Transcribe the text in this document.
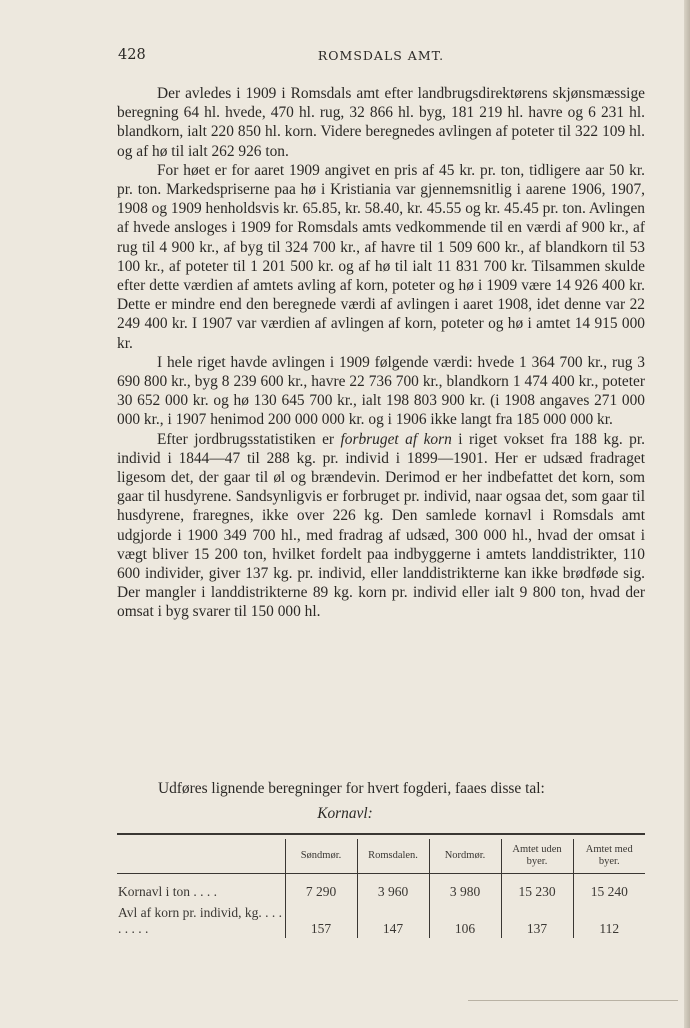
428	ROMSDALS AMT.

Der avledes i 1909 i Romsdals amt efter landbrugsdirektørens skjønsmæssige beregning 64 hl. hvede, 470 hl. rug, 32 866 hl. byg, 181 219 hl. havre og 6 231 hl. blandkorn, ialt 220 850 hl. korn. Videre beregnedes avlingen af poteter til 322 109 hl. og af hø til ialt 262 926 ton.

For høet er for aaret 1909 angivet en pris af 45 kr. pr. ton, tidligere aar 50 kr. pr. ton. Markedspriserne paa hø i Kristiania var gjennemsnitlig i aarene 1906, 1907, 1908 og 1909 henholdsvis kr. 65.85, kr. 58.40, kr. 45.55 og kr. 45.45 pr. ton. Avlingen af hvede ansloges i 1909 for Romsdals amts vedkommende til en værdi af 900 kr., af rug til 4 900 kr., af byg til 324 700 kr., af havre til 1 509 600 kr., af blandkorn til 53 100 kr., af poteter til 1 201 500 kr. og af hø til ialt 11 831 700 kr. Tilsammen skulde efter dette værdien af amtets avling af korn, poteter og hø i 1909 være 14 926 400 kr. Dette er mindre end den beregnede værdi af avlingen i aaret 1908, idet denne var 22 249 400 kr. I 1907 var værdien af avlingen af korn, poteter og hø i amtet 14 915 000 kr.

I hele riget havde avlingen i 1909 følgende værdi: hvede 1 364 700 kr., rug 3 690 800 kr., byg 8 239 600 kr., havre 22 736 700 kr., blandkorn 1 474 400 kr., poteter 30 652 000 kr. og hø 130 645 700 kr., ialt 198 803 900 kr. (i 1908 angaves 271 000 000 kr., i 1907 henimod 200 000 000 kr. og i 1906 ikke langt fra 185 000 000 kr.

Efter jordbrugsstatistiken er forbruget af korn i riget vokset fra 188 kg. pr. individ i 1844—47 til 288 kg. pr. individ i 1899—1901. Her er udsæd fradraget ligesom det, der gaar til øl og brændevin. Derimod er her indbefattet det korn, som gaar til husdyrene. Sandsynligvis er forbruget pr. individ, naar ogsaa det, som gaar til husdyrene, fraregnes, ikke over 226 kg. Den samlede kornavl i Romsdals amt udgjorde i 1900 349 700 hl., med fradrag af udsæd, 300 000 hl., hvad der omsat i vægt bliver 15 200 ton, hvilket fordelt paa indbyggerne i amtets landdistrikter, 110 600 individer, giver 137 kg. pr. individ, eller landdistrikterne kan ikke brødføde sig. Der mangler i landdistrikterne 89 kg. korn pr. individ eller ialt 9 800 ton, hvad der omsat i byg svarer til 150 000 hl.

Udføres lignende beregninger for hvert fogderi, faaes disse tal:
Kornavl:
	Søndmør.	Romsdalen.	Nordmør.	Amtet uden byer.	Amtet med byer.
Kornavl i ton . . . .	7 290	3 960	3 980	15 230	15 240
Avl af korn pr. individ, kg. . . . . . . . .	157	147	106	137	112
